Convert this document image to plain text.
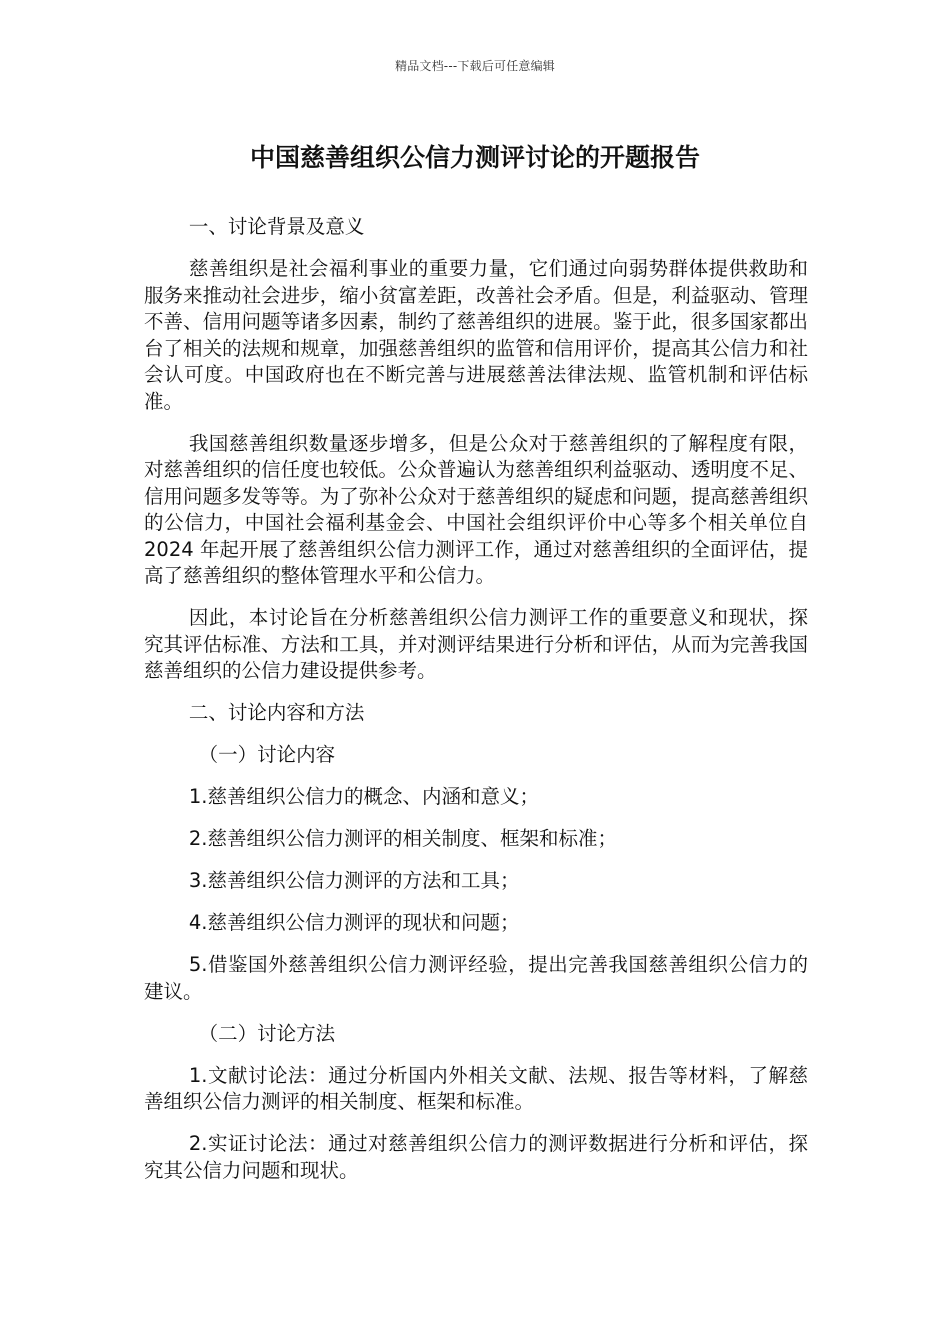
精品文档---下载后可任意编辑
中国慈善组织公信力测评讨论的开题报告

一、讨论背景及意义

慈善组织是社会福利事业的重要力量，它们通过向弱势群体提供救助和服务来推动社会进步，缩小贫富差距，改善社会矛盾。但是，利益驱动、管理不善、信用问题等诸多因素，制约了慈善组织的进展。鉴于此，很多国家都出台了相关的法规和规章，加强慈善组织的监管和信用评价，提高其公信力和社会认可度。中国政府也在不断完善与进展慈善法律法规、监管机制和评估标准。

我国慈善组织数量逐步增多，但是公众对于慈善组织的了解程度有限，对慈善组织的信任度也较低。公众普遍认为慈善组织利益驱动、透明度不足、信用问题多发等等。为了弥补公众对于慈善组织的疑虑和问题，提高慈善组织的公信力，中国社会福利基金会、中国社会组织评价中心等多个相关单位自 2024 年起开展了慈善组织公信力测评工作，通过对慈善组织的全面评估，提高了慈善组织的整体管理水平和公信力。

因此，本讨论旨在分析慈善组织公信力测评工作的重要意义和现状，探究其评估标准、方法和工具，并对测评结果进行分析和评估，从而为完善我国慈善组织的公信力建设提供参考。

二、讨论内容和方法

（一）讨论内容

1.慈善组织公信力的概念、内涵和意义；

2.慈善组织公信力测评的相关制度、框架和标准；

3.慈善组织公信力测评的方法和工具；

4.慈善组织公信力测评的现状和问题；

5.借鉴国外慈善组织公信力测评经验，提出完善我国慈善组织公信力的建议。

（二）讨论方法

1.文献讨论法：通过分析国内外相关文献、法规、报告等材料，了解慈善组织公信力测评的相关制度、框架和标准。

2.实证讨论法：通过对慈善组织公信力的测评数据进行分析和评估，探究其公信力问题和现状。
